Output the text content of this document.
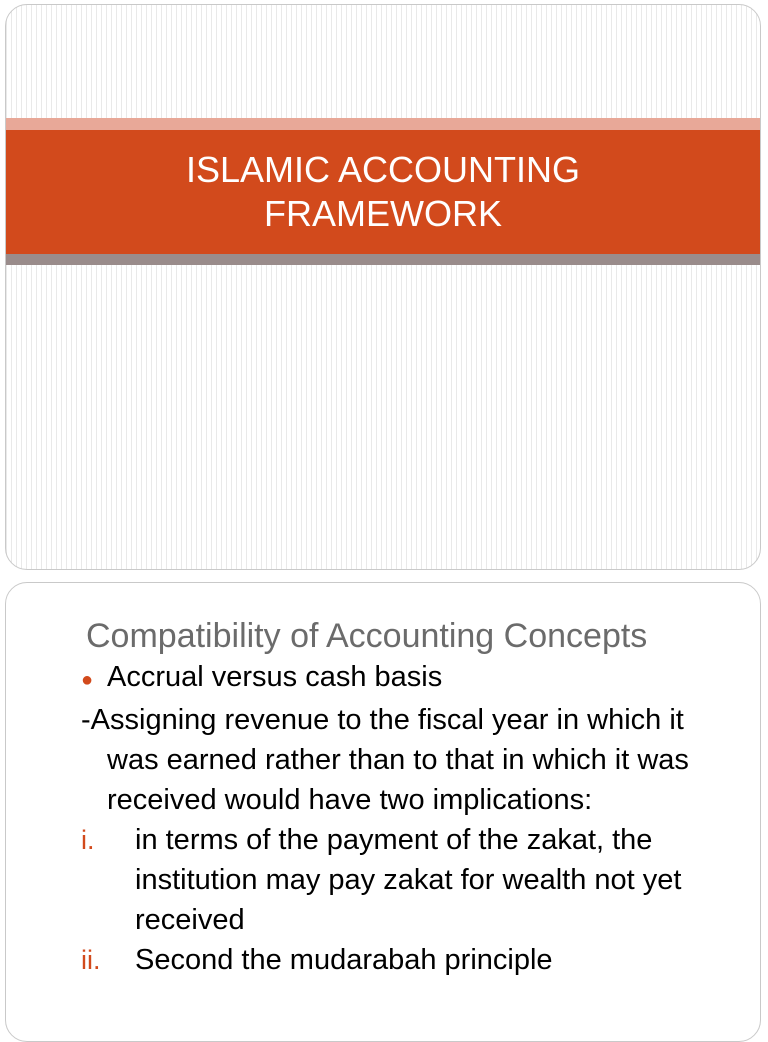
ISLAMIC ACCOUNTING FRAMEWORK
Compatibility of Accounting Concepts

● Accrual versus cash basis

-Assigning revenue to the fiscal year in which it was earned rather than to that in which it was received would have two implications:

i.	in terms of the payment of the zakat, the institution may pay zakat for wealth not yet received
ii.	Second the mudarabah principle
